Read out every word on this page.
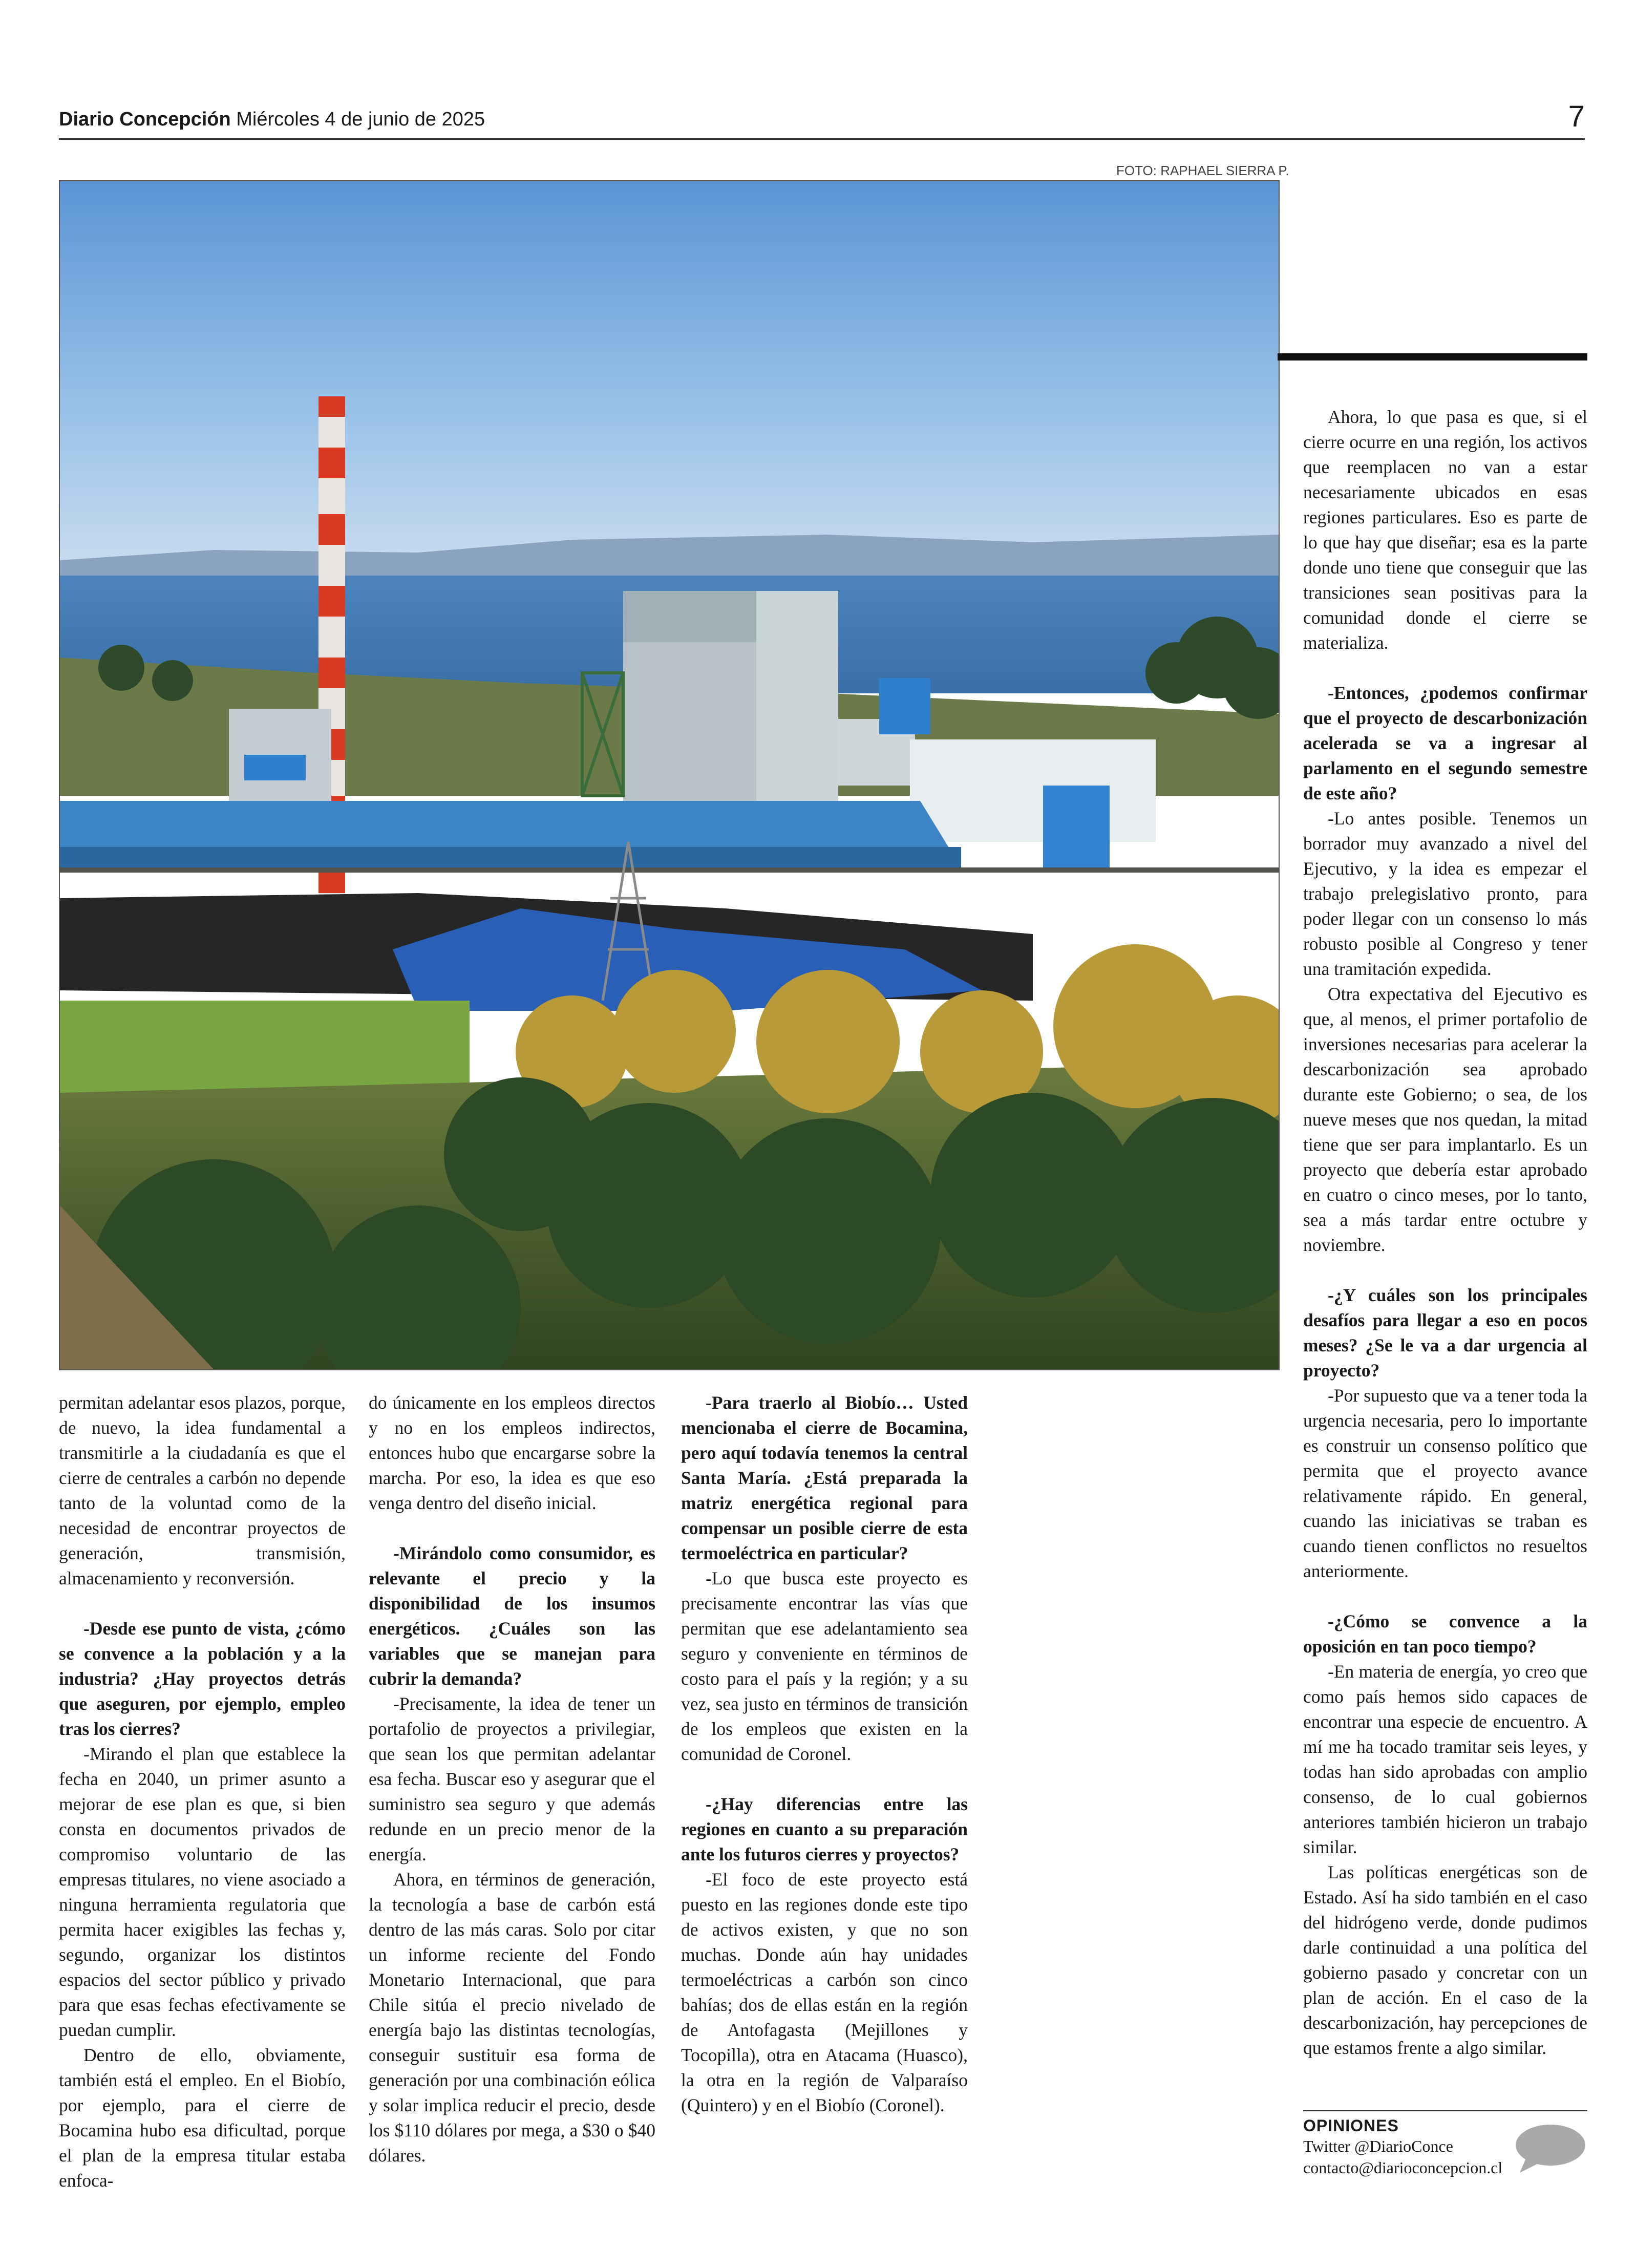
Diario Concepción Miércoles 4 de junio de 2025	7
FOTO: RAPHAEL SIERRA P.

permitan adelantar esos plazos, porque, de nuevo, la idea fundamental a transmitirle a la ciudadanía es que el cierre de centrales a carbón no depende tanto de la voluntad como de la necesidad de encontrar proyectos de generación, transmisión, almacenamiento y reconversión.

-Desde ese punto de vista, ¿cómo se convence a la población y a la industria? ¿Hay proyectos detrás que aseguren, por ejemplo, empleo tras los cierres?

-Mirando el plan que establece la fecha en 2040, un primer asunto a mejorar de ese plan es que, si bien consta en documentos privados de compromiso voluntario de las empresas titulares, no viene asociado a ninguna herramienta regulatoria que permita hacer exigibles las fechas y, segundo, organizar los distintos espacios del sector público y privado para que esas fechas efectivamente se puedan cumplir.

Dentro de ello, obviamente, también está el empleo. En el Biobío, por ejemplo, para el cierre de Bocamina hubo esa dificultad, porque el plan de la empresa titular estaba enfoca-

do únicamente en los empleos directos y no en los empleos indirectos, entonces hubo que encargarse sobre la marcha. Por eso, la idea es que eso venga dentro del diseño inicial.

-Mirándolo como consumidor, es relevante el precio y la disponibilidad de los insumos energéticos. ¿Cuáles son las variables que se manejan para cubrir la demanda?

-Precisamente, la idea de tener un portafolio de proyectos a privilegiar, que sean los que permitan adelantar esa fecha. Buscar eso y asegurar que el suministro sea seguro y que además redunde en un precio menor de la energía.

Ahora, en términos de generación, la tecnología a base de carbón está dentro de las más caras. Solo por citar un informe reciente del Fondo Monetario Internacional, que para Chile sitúa el precio nivelado de energía bajo las distintas tecnologías, conseguir sustituir esa forma de generación por una combinación eólica y solar implica reducir el precio, desde los $110 dólares por mega, a $30 o $40 dólares.

-Para traerlo al Biobío… Usted mencionaba el cierre de Bocamina, pero aquí todavía tenemos la central Santa María. ¿Está preparada la matriz energética regional para compensar un posible cierre de esta termoeléctrica en particular?

-Lo que busca este proyecto es precisamente encontrar las vías que permitan que ese adelantamiento sea seguro y conveniente en términos de costo para el país y la región; y a su vez, sea justo en términos de transición de los empleos que existen en la comunidad de Coronel.

-¿Hay diferencias entre las regiones en cuanto a su preparación ante los futuros cierres y proyectos?

-El foco de este proyecto está puesto en las regiones donde este tipo de activos existen, y que no son muchas. Donde aún hay unidades termoeléctricas a carbón son cinco bahías; dos de ellas están en la región de Antofagasta (Mejillones y Tocopilla), otra en Atacama (Huasco), la otra en la región de Valparaíso (Quintero) y en el Biobío (Coronel).

Ahora, lo que pasa es que, si el cierre ocurre en una región, los activos que reemplacen no van a estar necesariamente ubicados en esas regiones particulares. Eso es parte de lo que hay que diseñar; esa es la parte donde uno tiene que conseguir que las transiciones sean positivas para la comunidad donde el cierre se materializa.

-Entonces, ¿podemos confirmar que el proyecto de descarbonización acelerada se va a ingresar al parlamento en el segundo semestre de este año?

-Lo antes posible. Tenemos un borrador muy avanzado a nivel del Ejecutivo, y la idea es empezar el trabajo prelegislativo pronto, para poder llegar con un consenso lo más robusto posible al Congreso y tener una tramitación expedida.

Otra expectativa del Ejecutivo es que, al menos, el primer portafolio de inversiones necesarias para acelerar la descarbonización sea aprobado durante este Gobierno; o sea, de los nueve meses que nos quedan, la mitad tiene que ser para implantarlo. Es un proyecto que debería estar aprobado en cuatro o cinco meses, por lo tanto, sea a más tardar entre octubre y noviembre.

-¿Y cuáles son los principales desafíos para llegar a eso en pocos meses? ¿Se le va a dar urgencia al proyecto?

-Por supuesto que va a tener toda la urgencia necesaria, pero lo importante es construir un consenso político que permita que el proyecto avance relativamente rápido. En general, cuando las iniciativas se traban es cuando tienen conflictos no resueltos anteriormente.

-¿Cómo se convence a la oposición en tan poco tiempo?

-En materia de energía, yo creo que como país hemos sido capaces de encontrar una especie de encuentro. A mí me ha tocado tramitar seis leyes, y todas han sido aprobadas con amplio consenso, de lo cual gobiernos anteriores también hicieron un trabajo similar.

Las políticas energéticas son de Estado. Así ha sido también en el caso del hidrógeno verde, donde pudimos darle continuidad a una política del gobierno pasado y concretar con un plan de acción. En el caso de la descarbonización, hay percepciones de que estamos frente a algo similar.

OPINIONES
Twitter @DiarioConce
contacto@diarioconcepcion.cl
